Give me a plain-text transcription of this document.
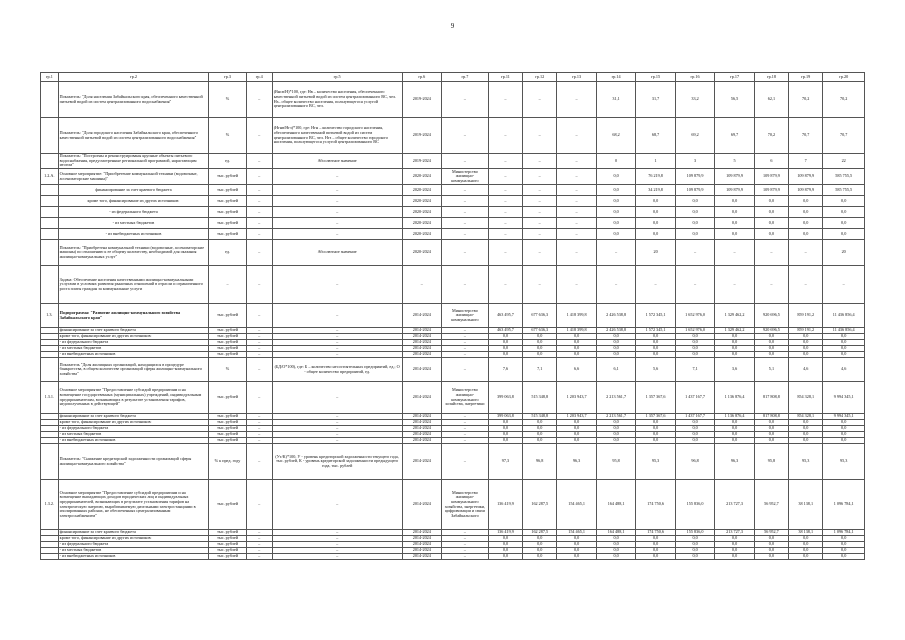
9
гр.1	гр.2	гр.3	гр.4	гр.5	гр.6	гр.7	гр.11	гр.12	гр.13	гр.14	гр.15	гр.16	гр.17	гр.18	гр.19	гр.20
	Показатель: "Доля населения Забайкальского края, обеспеченного качественной питьевой водой из систем централизованного водоснабжения"	%	–	(Внсв/Н)*100, где: Нв – количество населения, обеспеченного качественной питьевой водой из систем централизованного ВС, чел. Нз– общее количество населения, пользующегося услугой централизованного ВС, чел.	2019-2024	–	–	–	–	31,1	31,7	33,2	56,5	62,1	70,2	70,2
	Показатель: "Доля городского населения Забайкальского края, обеспеченного качественной питьевой водой из систем централизованного водоснабжения"	%	–	(Нгнв/Нгз)*100, где: Нгн – количество городского населения, обеспеченного качественной питьевой водой из систем централизованного ВС, чел. Нгз – общее количество городского населения, пользующегося услугой централизованного ВС	2019-2024	–	–	–	–	68,2	68,7	69,2	69,7	70,2	70,7	70,7
	Показатель: "Построены и реконструированы крупные объекты питьевого водоснабжения, предусмотренные региональной программой, нарастающим итогом"	ед.	–	Абсолютное значение	2019-2024	–	–	–	–	0	1	3	5	6	7	22
1.2.А.	Основное мероприятие: "Приобретение коммунальной техники (водовозные, ассенизаторские машины)"	тыс. рублей	–	–	2020-2024	Министерство жилищно-коммунального	–	–	–	0,0	76 219,8	109 879,9	109 879,9	109 879,9	109 879,9	585 755,5
	финансирование за счет краевого бюджета	тыс. рублей	–	–	2020-2024	–	–	–	–	0,0	34 219,8	109 879,9	109 879,9	109 879,9	109 879,9	585 755,5
	кроме того, финансирование из других источников:	тыс. рублей	–	–	2020-2024	–	–	–	–	0,0	0,0	0,0	0,0	0,0	0,0	0,0
	- из федерального бюджета	тыс. рублей	–	–	2020-2024	–	–	–	–	0,0	0,0	0,0	0,0	0,0	0,0	0,0
	- из местных бюджетов	тыс. рублей	–	–	2020-2024	–	–	–	–	0,0	0,0	0,0	0,0	0,0	0,0	0,0
	- из внебюджетных источников	тыс. рублей	–	–	2020-2024	–	–	–	–	0,0	0,0	0,0	0,0	0,0	0,0	0,0
	Показатель: "Приобретена коммунальной техники (водовозные, ассенизаторские машины) по отношению к ее общему количеству, необходимой для оказания жилищно-коммунальных услуг"	ед.	–	Абсолютное значение	2020-2024	–	–	–	–	–	20	–	–	–	–	20
	Задача: Обеспечение населения качественными жилищно-коммунальными услугами в условиях развития рыночных отношений в отрасли и ограниченного роста платы граждан за коммунальные услуги	–	–	–	–	–	–	–	–	–	–	–	–	–	–	–
1.3.	Подпрограмма: "Развитие жилищно-коммунального хозяйства Забайкальского края"	тыс. рублей	–	–	2014-2024	Министерство жилищно-коммунального	463 495,7	677 636,3	1 418 399,8	2 426 538,8	1 572 345,1	1 652 976,0	1 329 462,2	920 696,5	859 191,2	11 436 856,4
	финансирование за счет краевого бюджета	тыс. рублей	–	–	2014-2024	–	463 495,7	677 636,3	1 418 399,8	2 426 538,8	1 572 345,1	1 652 976,0	1 329 462,2	920 696,5	859 191,2	11 436 856,4
	кроме того, финансирование из других источников:	тыс. рублей	–	–	2014-2024	–	0,0	0,0	0,0	0,0	0,0	0,0	0,0	0,0	0,0	0,0
	- из федерального бюджета	тыс. рублей	–	–	2014-2024	–	0,0	0,0	0,0	0,0	0,0	0,0	0,0	0,0	0,0	0,0
	- из местных бюджетов	тыс. рублей	–	–	2014-2024	–	0,0	0,0	0,0	0,0	0,0	0,0	0,0	0,0	0,0	0,0
	- из внебюджетных источников	тыс. рублей	–	–	2014-2024	–	0,0	0,0	0,0	0,0	0,0	0,0	0,0	0,0	0,0	0,0
	Показатель "Доля жилищных организаций, находящихся в процедуре банкротства, в общем количестве организаций сферы жилищно-коммунального хозяйства"	%	–	(БД/О*100), где: Б – количество несостоятельных предприятий, ед.; О - общее количество предприятий, ед.	2014-2024	–	7,6	7,1	6,6	6,1	5,6	7,1	3,6	5,1	4,6	4,6
1.3.1.	Основное мероприятие "Предоставление субсидий предприятиям и на возмещение государственных (муниципальных) учреждений, индивидуальным предпринимателям, возникающих в результате установления тарифов, недополученных в действующей"	тыс. рублей	–	–	2014-2024	Министерство жилищно-коммунального хозяйства, энергетики	399 063,8	515 348,8	1 203 943,7	2 213 561,7	1 357 367,6	1 437 167,7	1 136 876,4	817 808,8	854 328,1	9 994 345,1
	финансирование за счет краевого бюджета	тыс. рублей	–	–	2014-2024	–	399 063,8	515 348,8	1 203 943,7	2 213 561,7	1 357 367,6	1 437 167,7	1 136 876,4	817 808,8	854 328,1	9 994 345,1
	кроме того, финансирование из других источников:	тыс. рублей	–	–	2014-2024	–	0,0	0,0	0,0	0,0	0,0	0,0	0,0	0,0	0,0	0,0
	- из федерального бюджета	тыс. рублей	–	–	2014-2024	–	0,0	0,0	0,0	0,0	0,0	0,0	0,0	0,0	0,0	0,0
	- из местных бюджетов	тыс. рублей	–	–	2014-2024	–	0,0	0,0	0,0	0,0	0,0	0,0	0,0	0,0	0,0	0,0
	- из внебюджетных источников	тыс. рублей	–	–	2014-2024	–	0,0	0,0	0,0	0,0	0,0	0,0	0,0	0,0	0,0	0,0
	Показатель: "Снижение кредиторской задолженности организаций сферы жилищно-коммунального хозяйства"	% к пред. году	–	(Ут/К)*100, У - уровень кредиторской задолженности текущего года, тыс. рублей, К - уровень кредиторской задолженности предыдущего года, тыс. рублей	2014-2024	–	97,3	96,8	96,3	95,8	95,3	96,8	96,3	95,8	95,3	95,3
1.3.2.	Основное мероприятие "Предоставление субсидий предприятиям и на возмещение выпадающих доходов юридических лиц и индивидуальных предпринимателей, возникающих в результате установления тарифов на электрическую энергию, вырабатываемую дизельными электростанциями в изолированных районах, не обеспеченных централизованным электроснабжением"	тыс. рублей	–	–	2014-2024	Министерство жилищно-коммунального хозяйства, энергетики, цифровизации и связи Забайкальского	136 419,9	162 287,5	154 465,1	164 488,1	174 750,6	155 836,0	213 727,3	56 952,7	38 138,1	1 096 784,1
	финансирование за счет краевого бюджета	тыс. рублей	–	–	2014-2024	–	136 419,9	162 287,5	154 465,1	164 488,1	174 750,6	155 836,0	213 727,3	56 952,7	38 138,1	1 096 784,1
	кроме того, финансирование из других источников:	тыс. рублей	–	–	2014-2024	–	0,0	0,0	0,0	0,0	0,0	0,0	0,0	0,0	0,0	0,0
	- из федерального бюджета	тыс. рублей	–	–	2014-2024	–	0,0	0,0	0,0	0,0	0,0	0,0	0,0	0,0	0,0	0,0
	- из местных бюджетов	тыс. рублей	–	–	2014-2024	–	0,0	0,0	0,0	0,0	0,0	0,0	0,0	0,0	0,0	0,0
	- из внебюджетных источников	тыс. рублей	–	–	2014-2024	–	0,0	0,0	0,0	0,0	0,0	0,0	0,0	0,0	0,0	0,0
